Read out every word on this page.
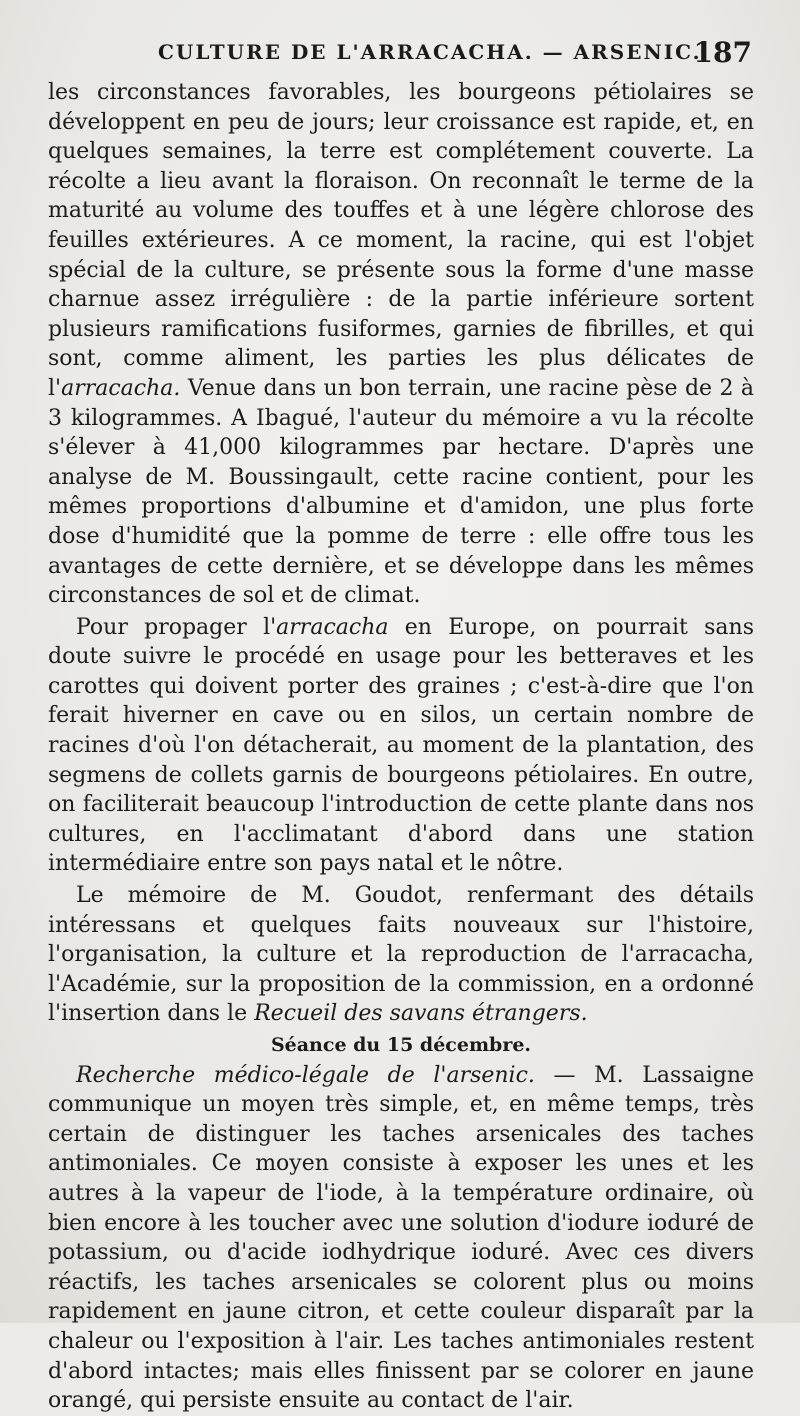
CULTURE DE L'ARRACACHA. — ARSENIC.
187

les circonstances favorables, les bourgeons pétiolaires se développent en peu de jours; leur croissance est rapide, et, en quelques semaines, la terre est complétement couverte. La récolte a lieu avant la floraison. On reconnaît le terme de la maturité au volume des touffes et à une légère chlorose des feuilles extérieures. A ce moment, la racine, qui est l'objet spécial de la culture, se présente sous la forme d'une masse charnue assez irrégulière : de la partie inférieure sortent plusieurs ramifications fusiformes, garnies de fibrilles, et qui sont, comme aliment, les parties les plus délicates de l'arracacha. Venue dans un bon terrain, une racine pèse de 2 à 3 kilogrammes. A Ibagué, l'auteur du mémoire a vu la récolte s'élever à 41,000 kilogrammes par hectare. D'après une analyse de M. Boussingault, cette racine contient, pour les mêmes proportions d'albumine et d'amidon, une plus forte dose d'humidité que la pomme de terre : elle offre tous les avantages de cette dernière, et se développe dans les mêmes circonstances de sol et de climat.

Pour propager l'arracacha en Europe, on pourrait sans doute suivre le procédé en usage pour les betteraves et les carottes qui doivent porter des graines ; c'est-à-dire que l'on ferait hiverner en cave ou en silos, un certain nombre de racines d'où l'on détacherait, au moment de la plantation, des segmens de collets garnis de bourgeons pétiolaires. En outre, on faciliterait beaucoup l'introduction de cette plante dans nos cultures, en l'acclimatant d'abord dans une station intermédiaire entre son pays natal et le nôtre.

Le mémoire de M. Goudot, renfermant des détails intéressans et quelques faits nouveaux sur l'histoire, l'organisation, la culture et la reproduction de l'arracacha, l'Académie, sur la proposition de la commission, en a ordonné l'insertion dans le Recueil des savans étrangers.

Séance du 15 décembre.

Recherche médico-légale de l'arsenic. — M. Lassaigne communique un moyen très simple, et, en même temps, très certain de distinguer les taches arsenicales des taches antimoniales. Ce moyen consiste à exposer les unes et les autres à la vapeur de l'iode, à la température ordinaire, où bien encore à les toucher avec une solution d'iodure ioduré de potassium, ou d'acide iodhydrique ioduré. Avec ces divers réactifs, les taches arsenicales se colorent plus ou moins rapidement en jaune citron, et cette couleur disparaît par la chaleur ou l'exposition à l'air. Les taches antimoniales restent d'abord intactes; mais elles finissent par se colorer en jaune orangé, qui persiste ensuite au contact de l'air.
